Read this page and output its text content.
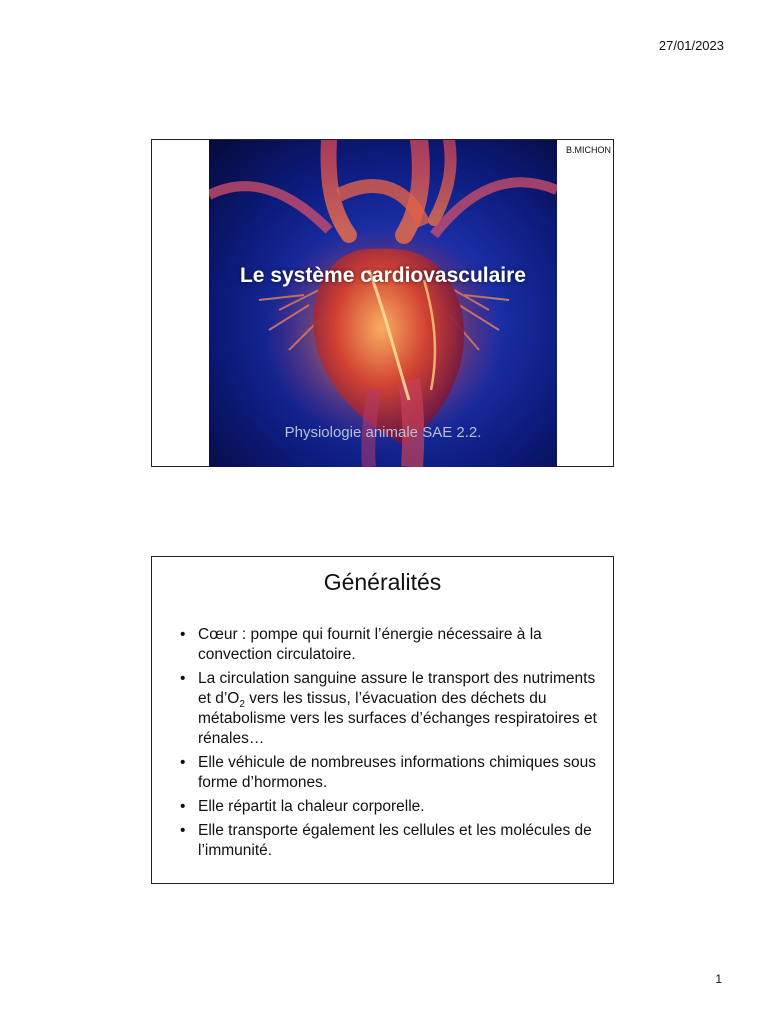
27/01/2023
Le système cardiovasculaire
Physiologie animale SAE 2.2.
B.MICHON
Généralités
• Cœur : pompe qui fournit l’énergie nécessaire à la convection circulatoire.
• La circulation sanguine assure le transport des nutriments et $d’O_2$ vers les tissus, l’évacuation des déchets du métabolisme vers les surfaces d’échanges respiratoires et rénales…
• Elle véhicule de nombreuses informations chimiques sous forme d’hormones.
• Elle répartit la chaleur corporelle.
• Elle transporte également les cellules et les molécules de l’immunité.
1
